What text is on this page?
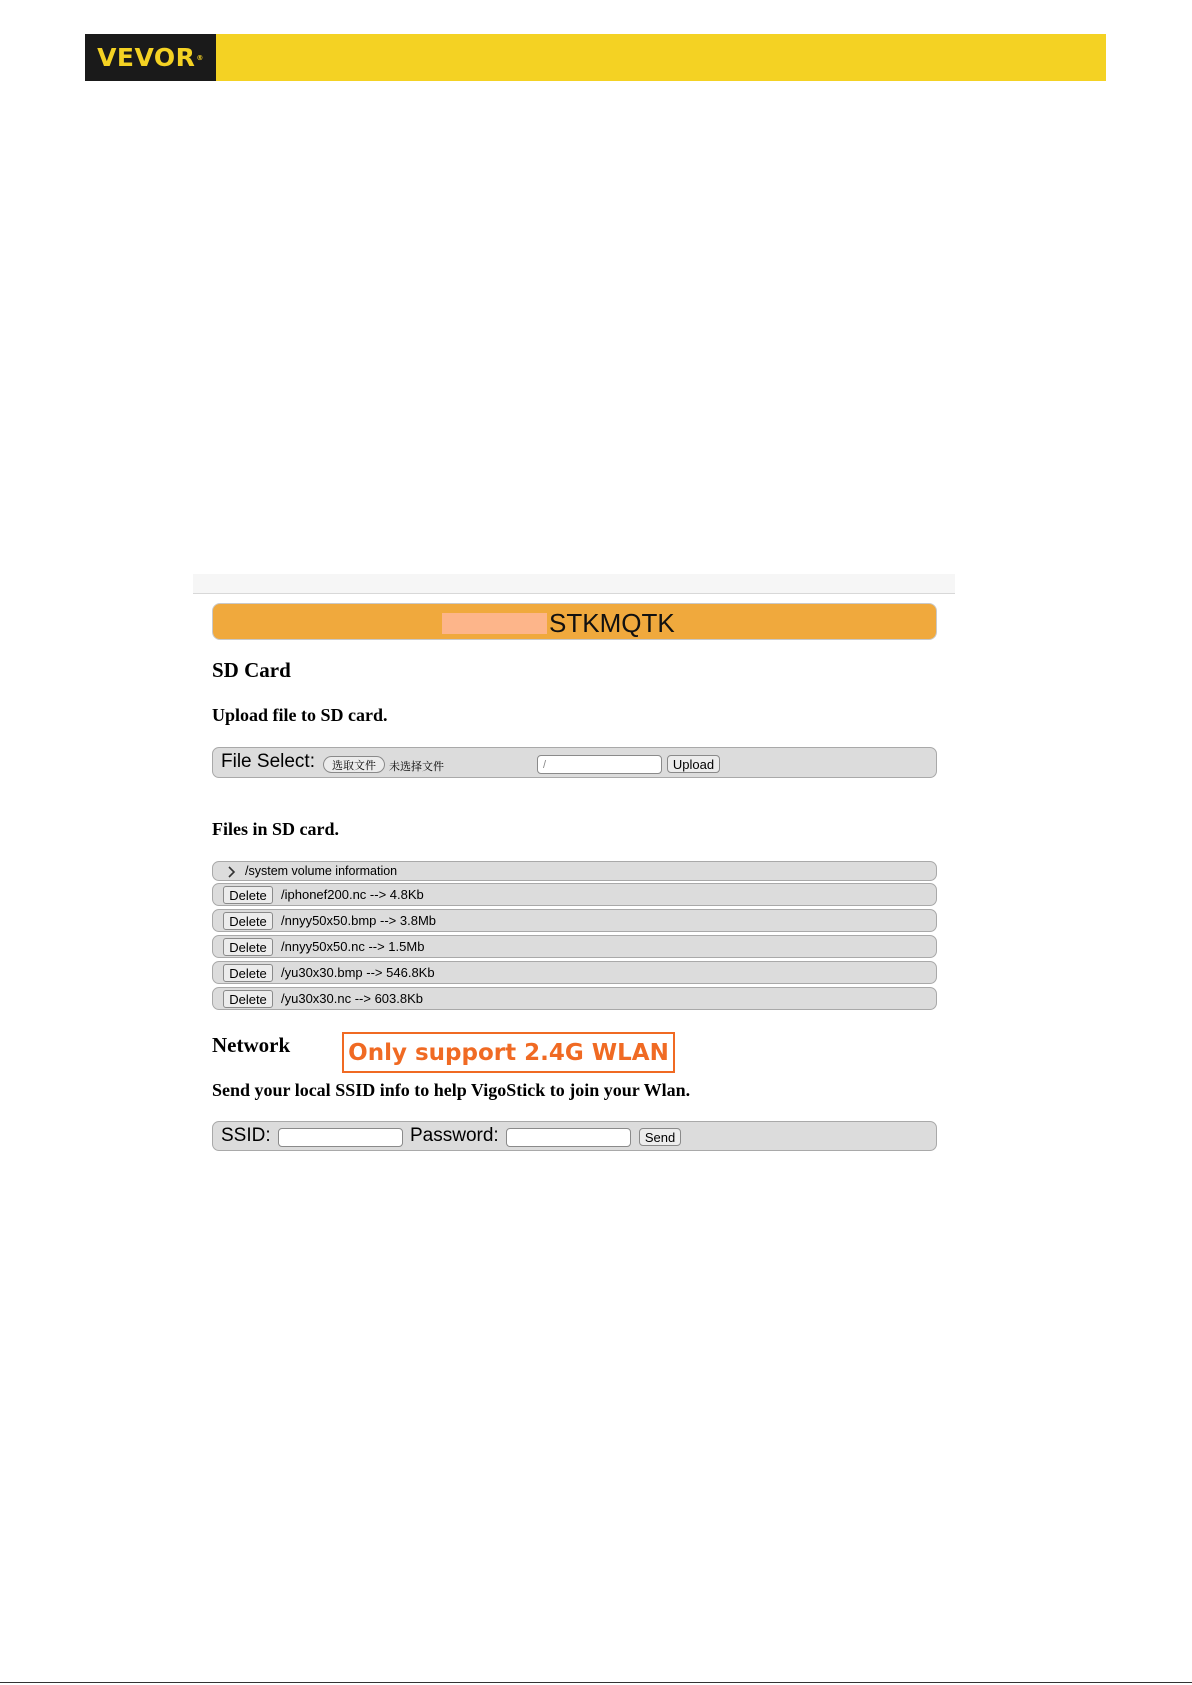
VEVOR ®
STKMQTK
SD Card
Upload file to SD card.
File Select:	选取文件	未选择文件
/	Upload
Files in SD card.
/system volume information
Delete	/iphonef200.nc --> 4.8Kb
Delete	/nnyy50x50.bmp --> 3.8Mb
Delete	/nnyy50x50.nc --> 1.5Mb
Delete	/yu30x30.bmp --> 546.8Kb
Delete	/yu30x30.nc --> 603.8Kb
Network	Only support 2.4G WLAN
Send your local SSID info to help VigoStick to join your Wlan.
SSID:	Password:	Send
